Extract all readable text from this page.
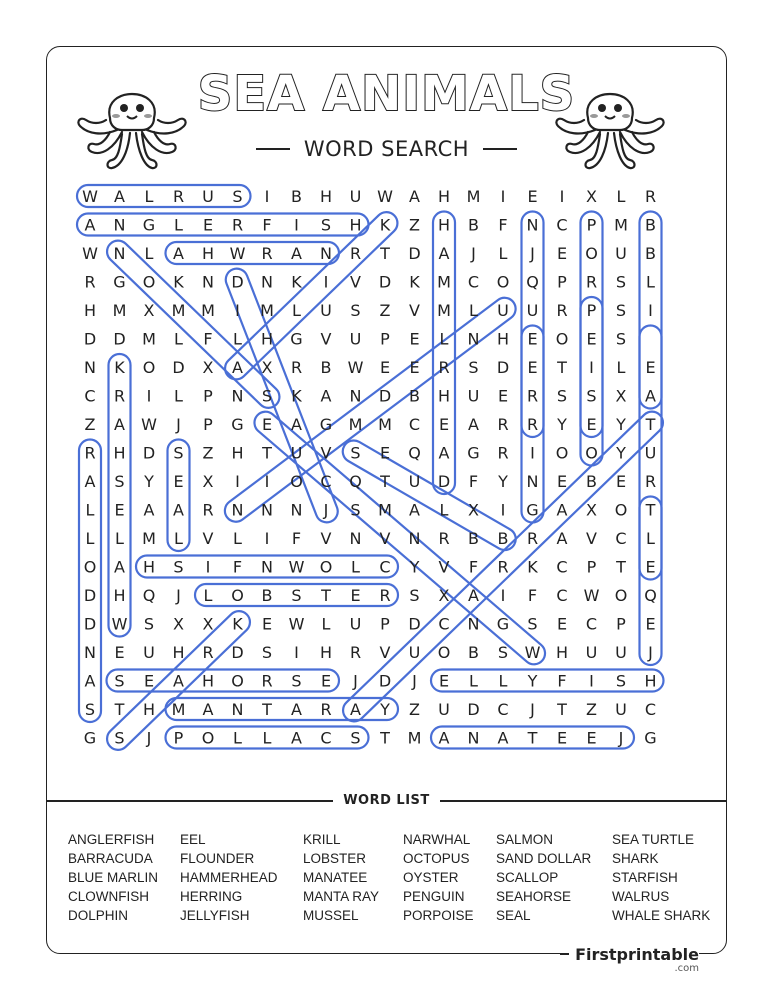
SEA ANIMALS
WORD SEARCH
W A L R U S I B H U W A H M I E I X L R
A N G L E R F I S H K Z H B F N C P M B
W N L A H W R A N R T D A J L J E O U B
R G O K N D N K I V D K M C O Q P R S L
H M X M M I M L U S Z V M L U U R P S I
D D M L F L H G V U P E L N H E O E S
N K O D X A X R B W E E R S D E T I L E
C R I L P N S K A N D B H U E R S S X A
Z A W J P G E A G M M C E A R R Y E Y T
R H D S Z H T U V S E Q A G R I O O Y U
A S Y E X I I O C Q T U D F Y N E B E R
L E A A R N N N J S M A L X I G A X O T
L L M L V L I F V N V N R B B R A V C L
O A H S I F N W O L C Y V F R K C P T E
D H Q J L O B S T E R S X A I F C W O Q
D W S X X K E W L U P D C N G S E C P E
N E U H R D S I H R V U O B S W H U U J
A S E A H O R S E J D J E L L Y F I S H
S T H M A N T A R A Y Z U D C J T Z U C
G S J P O L L A C S T M A N A T E E J G
WORD LIST
ANGLERFISH
BARRACUDA
BLUE MARLIN
CLOWNFISH
DOLPHIN
EEL
FLOUNDER
HAMMERHEAD
HERRING
JELLYFISH
KRILL
LOBSTER
MANATEE
MANTA RAY
MUSSEL
NARWHAL
OCTOPUS
OYSTER
PENGUIN
PORPOISE
SALMON
SAND DOLLAR
SCALLOP
SEAHORSE
SEAL
SEA TURTLE
SHARK
STARFISH
WALRUS
WHALE SHARK
Firstprintable
.com
